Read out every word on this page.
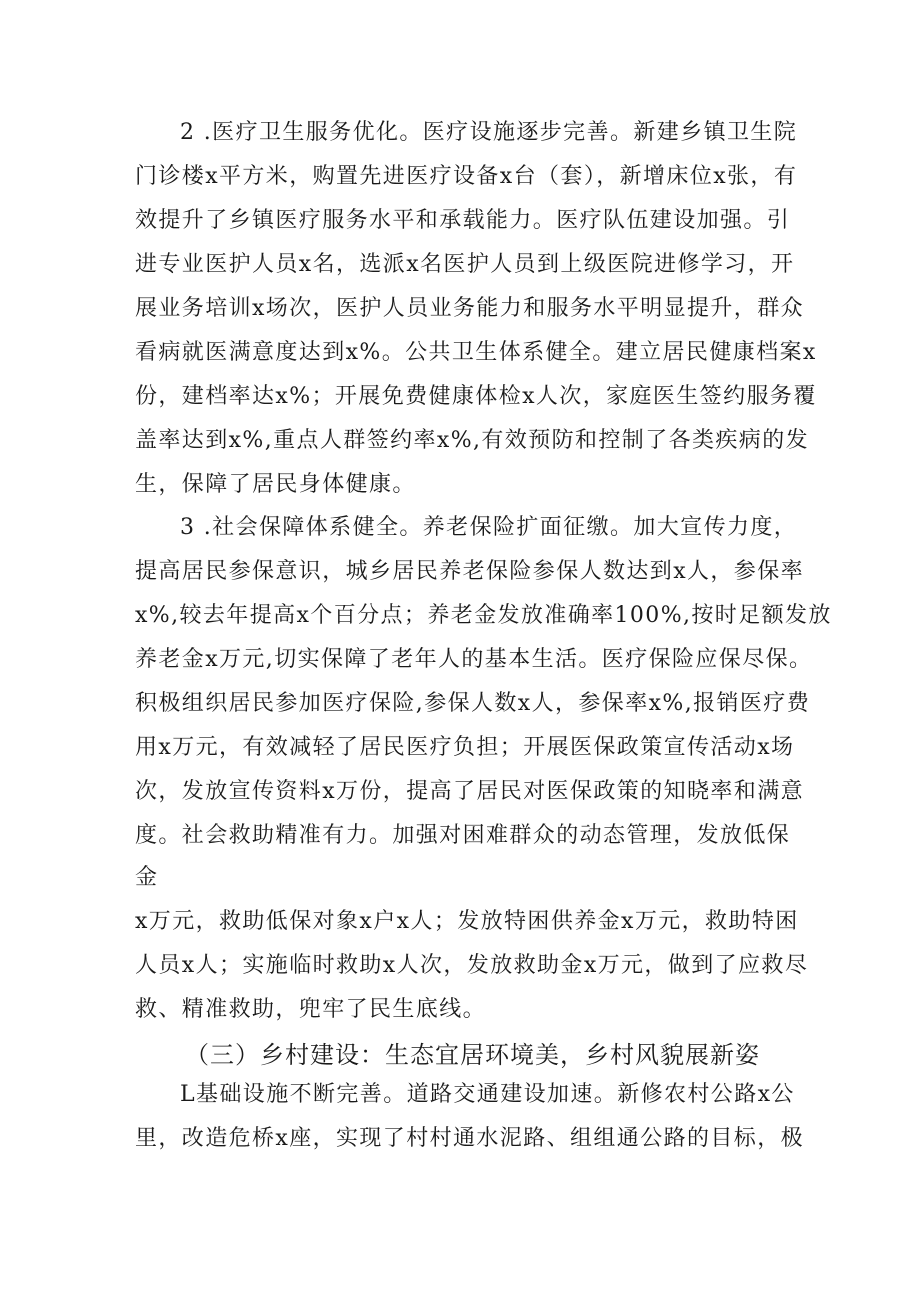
2 .医疗卫生服务优化。医疗设施逐步完善。新建乡镇卫生院
门诊楼x平方米，购置先进医疗设备x台（套），新增床位x张，有
效提升了乡镇医疗服务水平和承载能力。医疗队伍建设加强。引
进专业医护人员x名，选派x名医护人员到上级医院进修学习，开
展业务培训x场次，医护人员业务能力和服务水平明显提升，群众
看病就医满意度达到x%。公共卫生体系健全。建立居民健康档案x
份，建档率达x%；开展免费健康体检x人次，家庭医生签约服务覆
盖率达到x%,重点人群签约率x%,有效预防和控制了各类疾病的发
生，保障了居民身体健康。
3 .社会保障体系健全。养老保险扩面征缴。加大宣传力度，
提高居民参保意识，城乡居民养老保险参保人数达到x人，参保率
x%,较去年提高x个百分点；养老金发放准确率100%,按时足额发放
养老金x万元,切实保障了老年人的基本生活。医疗保险应保尽保。
积极组织居民参加医疗保险,参保人数x人，参保率x%,报销医疗费
用x万元，有效减轻了居民医疗负担；开展医保政策宣传活动x场
次，发放宣传资料x万份，提高了居民对医保政策的知晓率和满意
度。社会救助精准有力。加强对困难群众的动态管理，发放低保
金
x万元，救助低保对象x户x人；发放特困供养金x万元，救助特困
人员x人；实施临时救助x人次，发放救助金x万元，做到了应救尽
救、精准救助，兜牢了民生底线。
（三）乡村建设：生态宜居环境美，乡村风貌展新姿
L基础设施不断完善。道路交通建设加速。新修农村公路x公
里，改造危桥x座，实现了村村通水泥路、组组通公路的目标，极
